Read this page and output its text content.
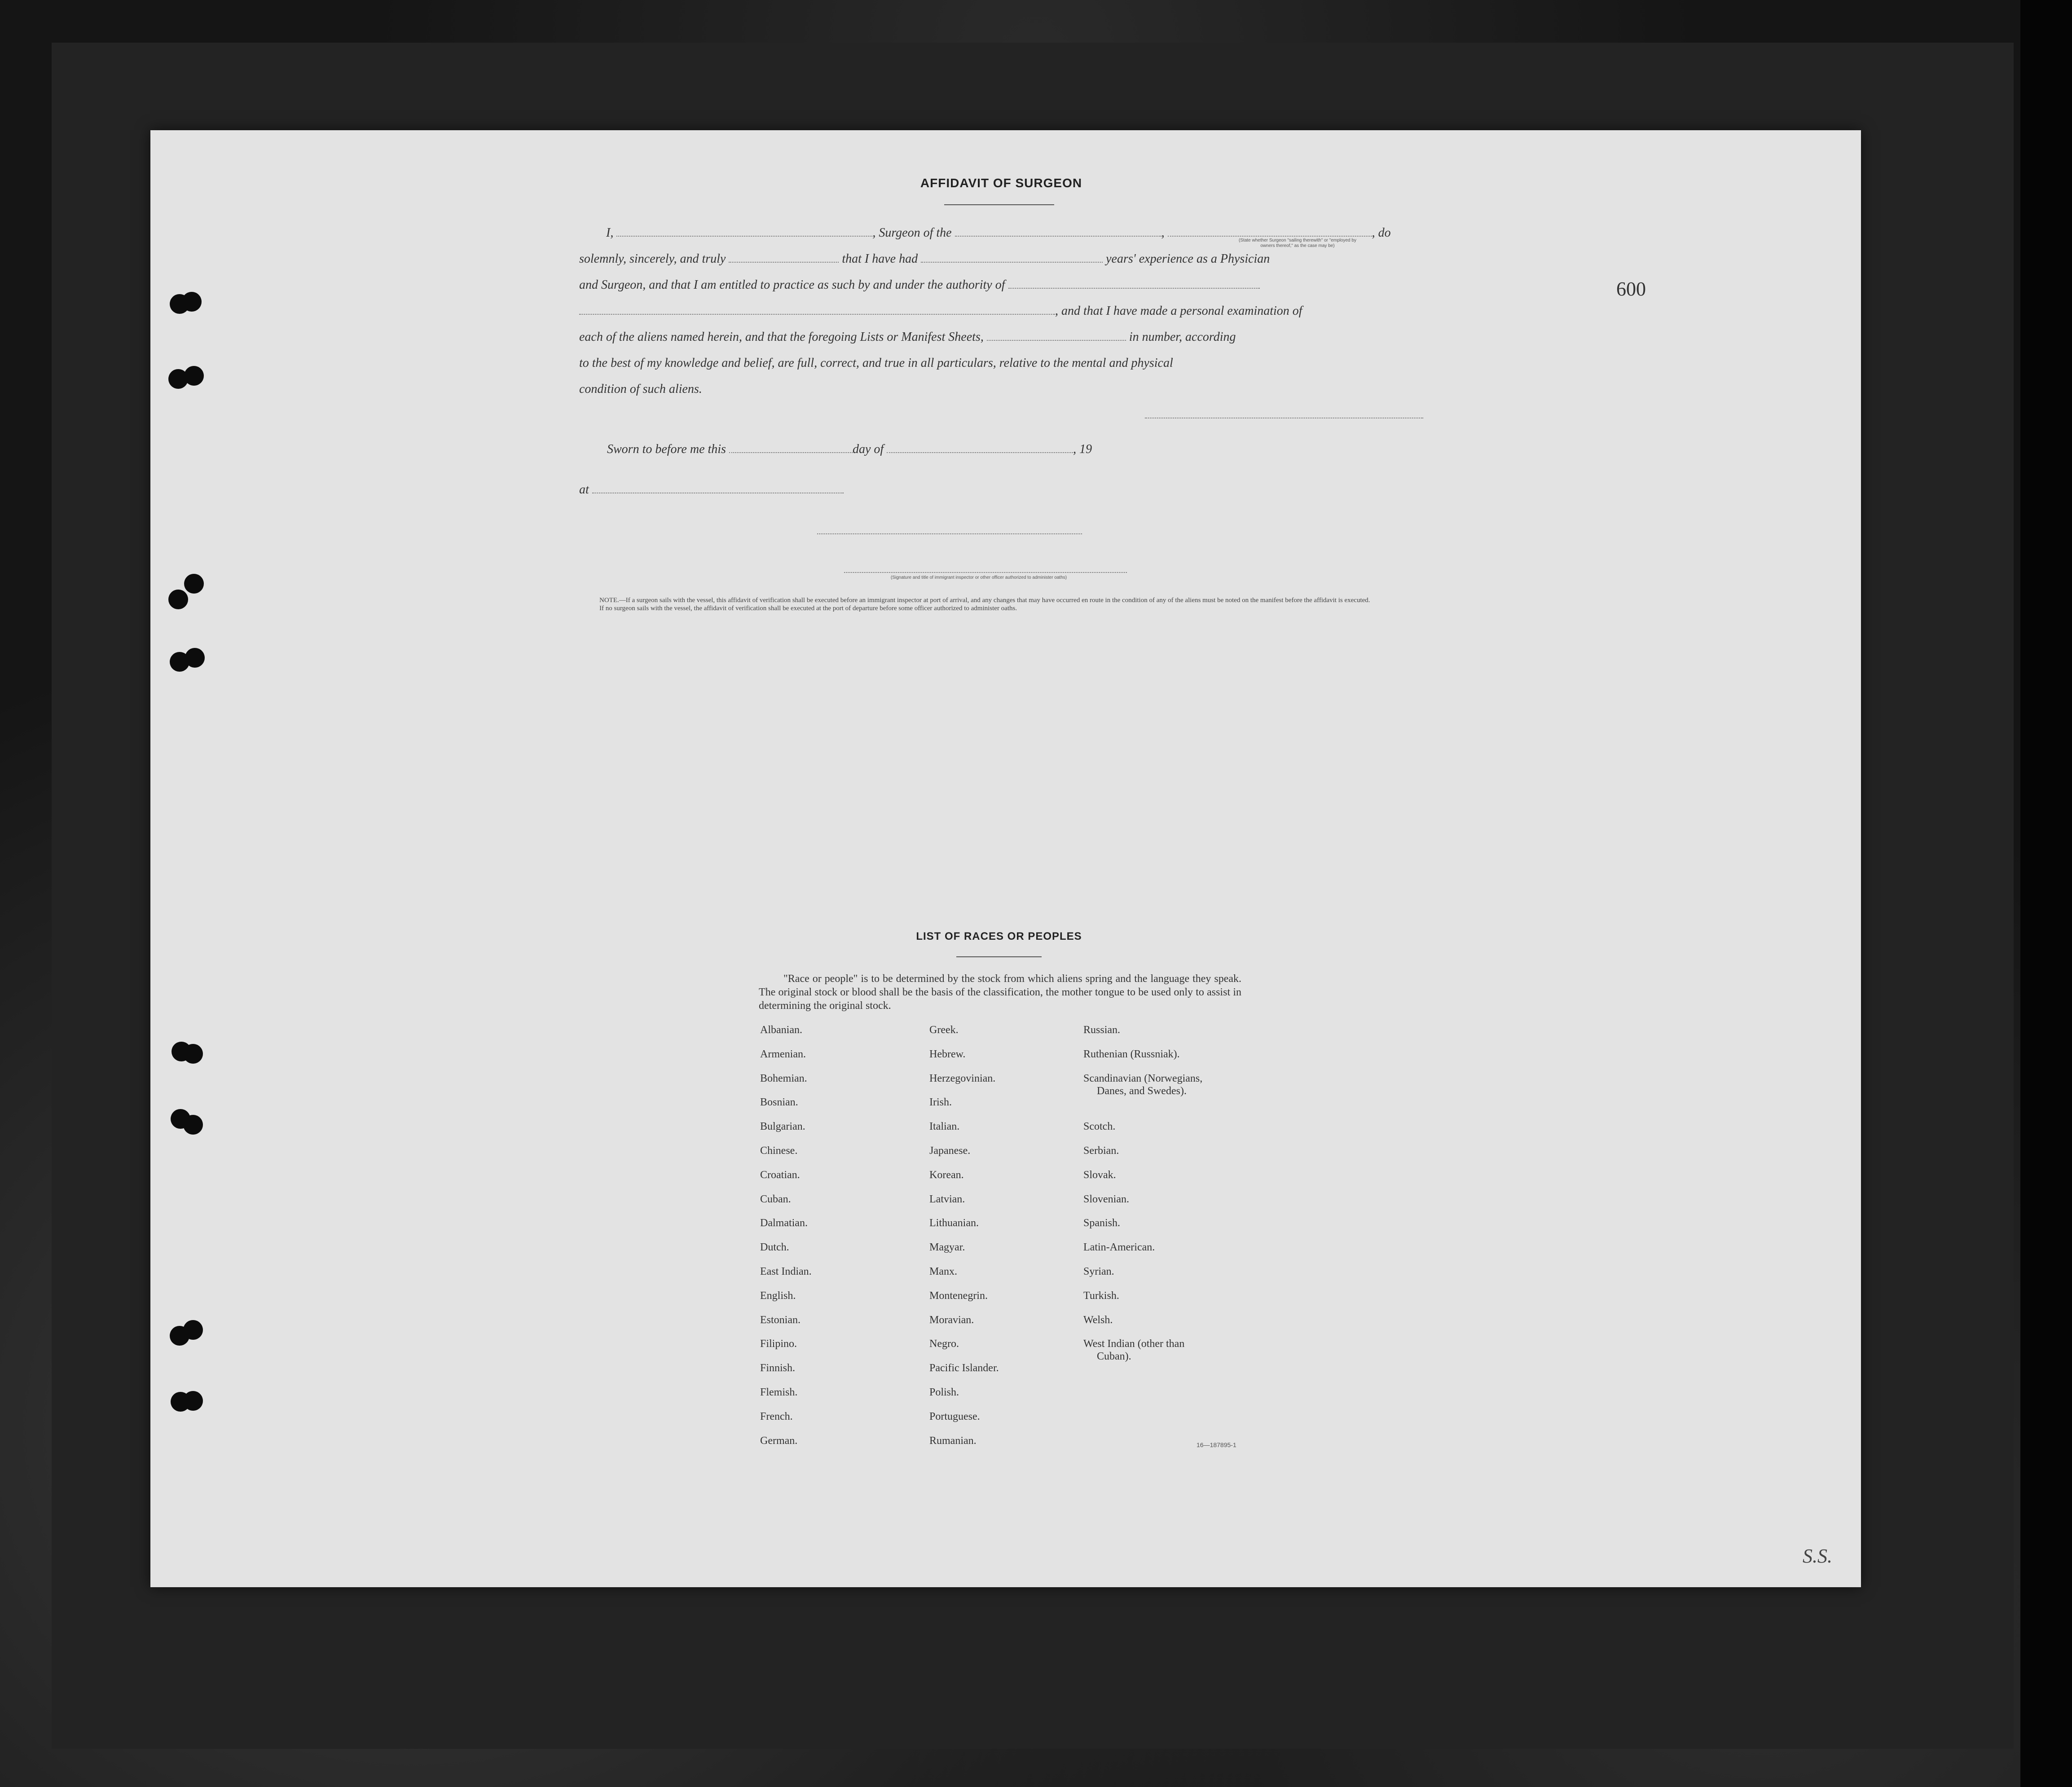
600
S.S.
AFFIDAVIT OF SURGEON
I,	, Surgeon of the	,	, do
(State whether Surgeon "sailing therewith" or "employed by
owners thereof," as the case may be)
solemnly, sincerely, and truly	that I have had	years' experience as a Physician
and Surgeon, and that I am entitled to practice as such by and under the authority of
, and that I have made a personal examination of
each of the aliens named herein, and that the foregoing Lists or Manifest Sheets,	in number, according
to the best of my knowledge and belief, are full, correct, and true in all particulars, relative to the mental and physical
condition of such aliens.
Sworn to before me this	day of	, 19
at
(Signature and title of immigrant inspector or other officer authorized to administer oaths)
NOTE.—If a surgeon sails with the vessel, this affidavit of verification shall be executed before an immigrant inspector at port of arrival, and any changes that may have occurred en route in the condition of any of the aliens must be noted on the manifest before the affidavit is executed.
If no surgeon sails with the vessel, the affidavit of verification shall be executed at the port of departure before some officer authorized to administer oaths.
LIST OF RACES OR PEOPLES
"Race or people" is to be determined by the stock from which aliens spring and the language they speak. The original stock or blood shall be the basis of the classification, the mother tongue to be used only to assist in determining the original stock.
Albanian.
Armenian.
Bohemian.
Bosnian.
Bulgarian.
Chinese.
Croatian.
Cuban.
Dalmatian.
Dutch.
East Indian.
English.
Estonian.
Filipino.
Finnish.
Flemish.
French.
German.
Greek.
Hebrew.
Herzegovinian.
Irish.
Italian.
Japanese.
Korean.
Latvian.
Lithuanian.
Magyar.
Manx.
Montenegrin.
Moravian.
Negro.
Pacific Islander.
Polish.
Portuguese.
Rumanian.
Russian.
Ruthenian (Russniak).
Scandinavian (Norwegians,
Danes, and Swedes).
Scotch.
Serbian.
Slovak.
Slovenian.
Spanish.
Latin-American.
Syrian.
Turkish.
Welsh.
West Indian (other than
Cuban).
16—187895-1
